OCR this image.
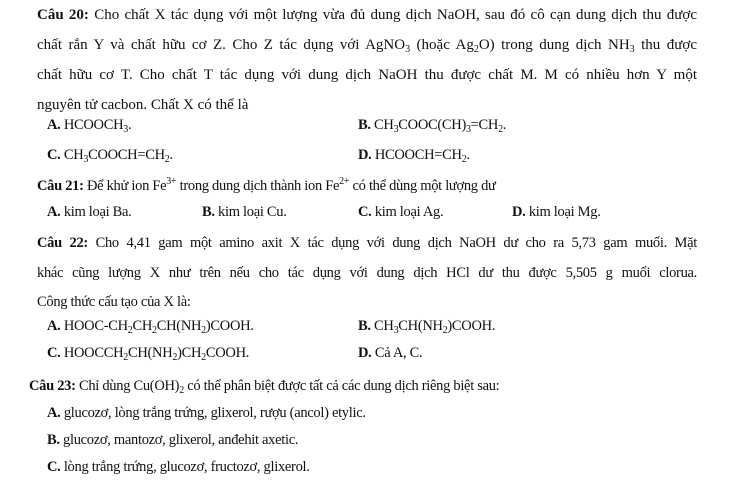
Câu 20: Cho chất X tác dụng với một lượng vừa đủ dung dịch NaOH, sau đó cô cạn dung dịch thu được
chất rắn Y và chất hữu cơ Z. Cho Z tác dụng với AgNO$_3$ (hoặc $Ag_2O$) trong dung dịch $NH_3$ thu được
chất hữu cơ T. Cho chất T tác dụng với dung dịch NaOH thu được chất M. M có nhiều hơn Y một
nguyên tử cacbon. Chất X có thể là
A. $HCOOCH_3$.	B. $CH_3COOC(CH)_3=CH_2$.
C. $CH_3COOCH=CH_2$.	D. $HCOOCH=CH_2$.
Câu 21: Để khử ion $Fe^{3+}$ trong dung dịch thành ion $Fe^{2+}$ có thể dùng một lượng dư
A. kim loại Ba.	B. kim loại Cu.	C. kim loại Ag.	D. kim loại Mg.
Câu 22: Cho 4,41 gam một amino axit X tác dụng với dung dịch NaOH dư cho ra 5,73 gam muối. Mặt
khác cũng lượng X như trên nếu cho tác dụng với dung dịch HCl dư thu được 5,505 g muối clorua.
Công thức cấu tạo của X là:
A. HOOC-$CH_2CH_2CH(NH_2)COOH$.	B. $CH_3CH(NH_2)COOH$.
C. $HOOCCH_2CH(NH_2)CH_2COOH$.	D. Cả A, C.
Câu 23: Chỉ dùng $Cu(OH)_2$ có thể phân biệt được tất cả các dung dịch riêng biệt sau:
A. glucozơ, lòng trắng trứng, glixerol, rượu (ancol) etylic.
B. glucozơ, mantozơ, glixerol, anđehit axetic.
C. lòng trắng trứng, glucozơ, fructozơ, glixerol.
